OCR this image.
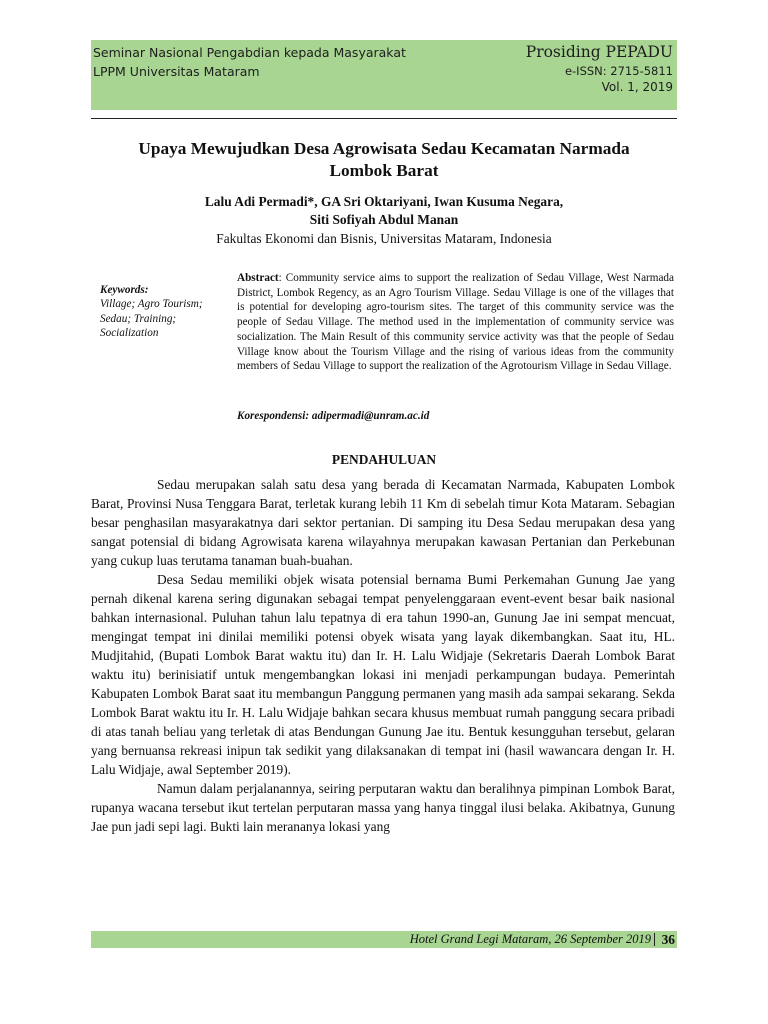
Seminar Nasional Pengabdian kepada Masyarakat
LPPM Universitas Mataram
Prosiding PEPADU
e-ISSN: 2715-5811
Vol. 1, 2019
Upaya Mewujudkan Desa Agrowisata Sedau Kecamatan Narmada
Lombok Barat
Lalu Adi Permadi*, GA Sri Oktariyani, Iwan Kusuma Negara,
Siti Sofiyah Abdul Manan
Fakultas Ekonomi dan Bisnis, Universitas Mataram, Indonesia
Keywords:
Village; Agro Tourism; Sedau; Training; Socialization
Abstract: Community service aims to support the realization of Sedau Village, West Narmada District, Lombok Regency, as an Agro Tourism Village. Sedau Village is one of the villages that is potential for developing agro-tourism sites. The target of this community service was the people of Sedau Village. The method used in the implementation of community service was socialization. The Main Result of this community service activity was that the people of Sedau Village know about the Tourism Village and the rising of various ideas from the community members of Sedau Village to support the realization of the Agrotourism Village in Sedau Village.
Korespondensi: adipermadi@unram.ac.id
PENDAHULUAN

Sedau merupakan salah satu desa yang berada di Kecamatan Narmada, Kabupaten Lombok Barat, Provinsi Nusa Tenggara Barat, terletak kurang lebih 11 Km di sebelah timur Kota Mataram. Sebagian besar penghasilan masyarakatnya dari sektor pertanian. Di samping itu Desa Sedau merupakan desa yang sangat potensial di bidang Agrowisata karena wilayahnya merupakan kawasan Pertanian dan Perkebunan yang cukup luas terutama tanaman buah-buahan.

Desa Sedau memiliki objek wisata potensial bernama Bumi Perkemahan Gunung Jae yang pernah dikenal karena sering digunakan sebagai tempat penyelenggaraan event-event besar baik nasional bahkan internasional. Puluhan tahun lalu tepatnya di era tahun 1990-an, Gunung Jae ini sempat mencuat, mengingat tempat ini dinilai memiliki potensi obyek wisata yang layak dikembangkan. Saat itu, HL. Mudjitahid, (Bupati Lombok Barat waktu itu) dan Ir. H. Lalu Widjaje (Sekretaris Daerah Lombok Barat waktu itu) berinisiatif untuk mengembangkan lokasi ini menjadi perkampungan budaya. Pemerintah Kabupaten Lombok Barat saat itu membangun Panggung permanen yang masih ada sampai sekarang. Sekda Lombok Barat waktu itu Ir. H. Lalu Widjaje bahkan secara khusus membuat rumah panggung secara pribadi di atas tanah beliau yang terletak di atas Bendungan Gunung Jae itu. Bentuk kesungguhan tersebut, gelaran yang bernuansa rekreasi inipun tak sedikit yang dilaksanakan di tempat ini (hasil wawancara dengan Ir. H. Lalu Widjaje, awal September 2019).

Namun dalam perjalanannya, seiring perputaran waktu dan beralihnya pimpinan Lombok Barat, rupanya wacana tersebut ikut tertelan perputaran massa yang hanya tinggal ilusi belaka. Akibatnya, Gunung Jae pun jadi sepi lagi. Bukti lain merananya lokasi yang

Hotel Grand Legi Mataram, 26 September 2019 36
